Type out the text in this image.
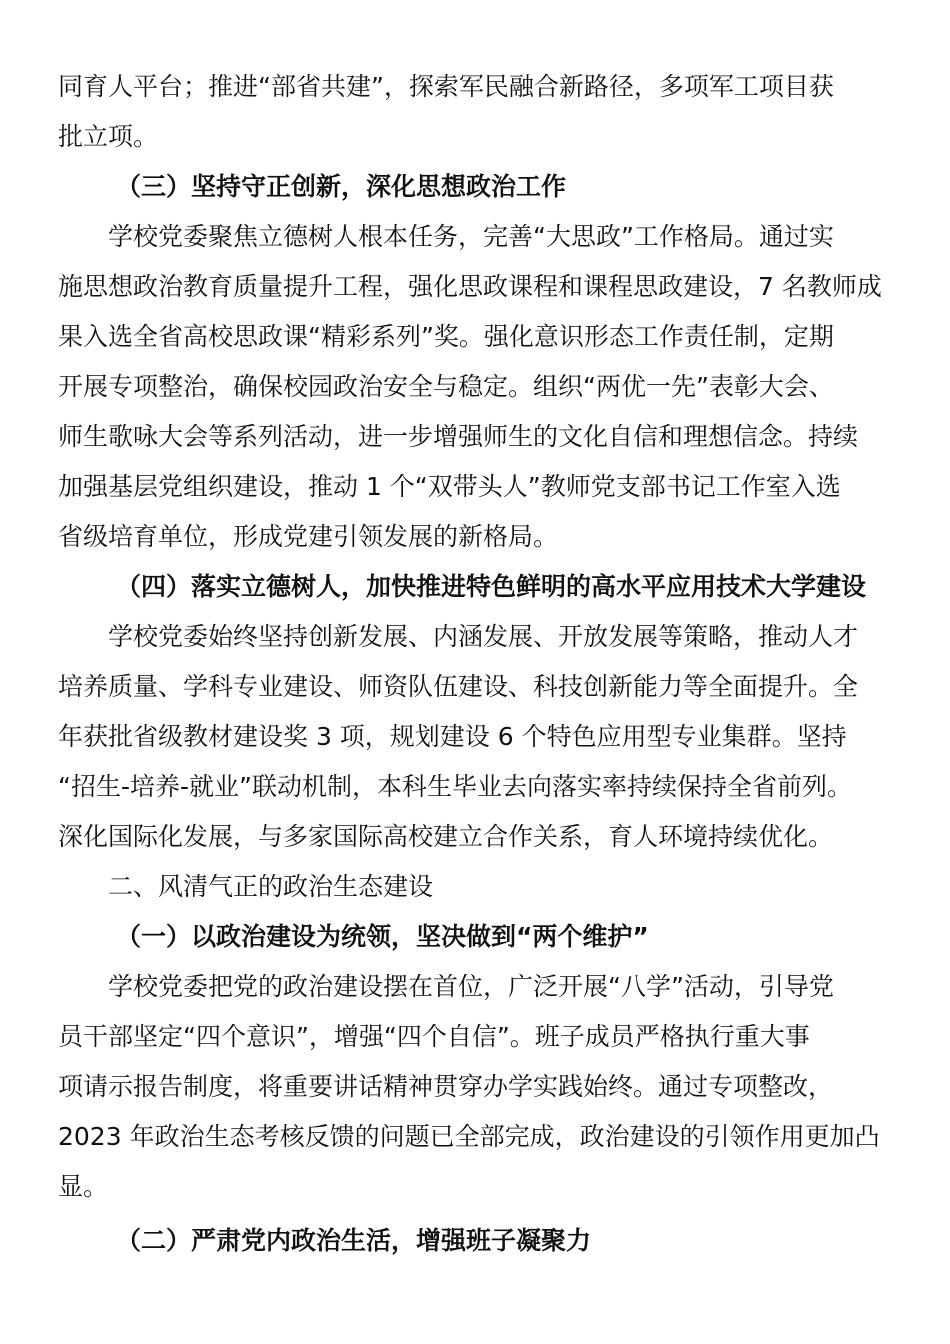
同育人平台；推进“部省共建”，探索军民融合新路径，多项军工项目获
批立项。
（三）坚持守正创新，深化思想政治工作
学校党委聚焦立德树人根本任务，完善“大思政”工作格局。通过实
施思想政治教育质量提升工程，强化思政课程和课程思政建设，7 名教师成
果入选全省高校思政课“精彩系列”奖。强化意识形态工作责任制，定期
开展专项整治，确保校园政治安全与稳定。组织“两优一先”表彰大会、
师生歌咏大会等系列活动，进一步增强师生的文化自信和理想信念。持续
加强基层党组织建设，推动 1 个“双带头人”教师党支部书记工作室入选
省级培育单位，形成党建引领发展的新格局。
（四）落实立德树人，加快推进特色鲜明的高水平应用技术大学建设
学校党委始终坚持创新发展、内涵发展、开放发展等策略，推动人才
培养质量、学科专业建设、师资队伍建设、科技创新能力等全面提升。全
年获批省级教材建设奖 3 项，规划建设 6 个特色应用型专业集群。坚持
“招生-培养-就业”联动机制，本科生毕业去向落实率持续保持全省前列。
深化国际化发展，与多家国际高校建立合作关系，育人环境持续优化。
二、风清气正的政治生态建设
（一）以政治建设为统领，坚决做到“两个维护”
学校党委把党的政治建设摆在首位，广泛开展“八学”活动，引导党
员干部坚定“四个意识”，增强“四个自信”。班子成员严格执行重大事
项请示报告制度，将重要讲话精神贯穿办学实践始终。通过专项整改，
2023 年政治生态考核反馈的问题已全部完成，政治建设的引领作用更加凸
显。
（二）严肃党内政治生活，增强班子凝聚力
